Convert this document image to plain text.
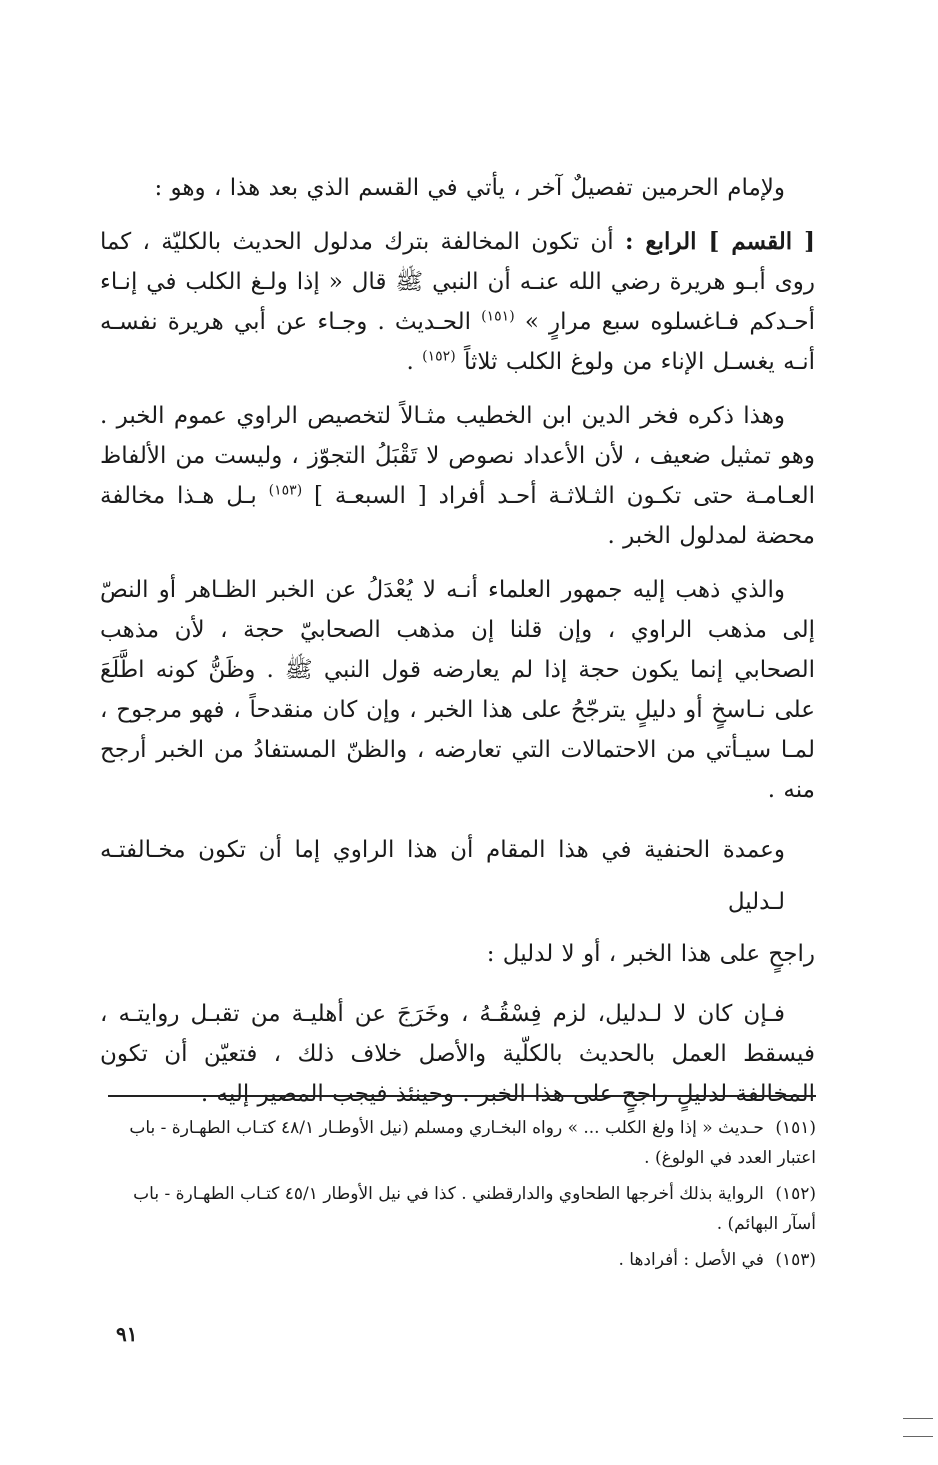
ولإمام الحرمين تفصيلٌ آخر ، يأتي في القسم الذي بعد هذا ، وهو :

[ القسم ] الرابع : أن تكون المخالفة بترك مدلول الحديث بالكليّة ، كما روى أبـو هريرة رضي الله عنـه أن النبي ﷺ قال « إذا ولـغ الكلب في إنـاء أحـدكم فـاغسلوه سبع مرارٍ » $^{(١٥١)}$ الحـديث . وجـاء عن أبي هريرة نفسـه أنـه يغسـل الإناء من ولوغ الكلب ثلاثاً $^{(١٥٢)}$ .

وهذا ذكره فخر الدين ابن الخطيب مثـالاً لتخصيص الراوي عموم الخبر . وهو تمثيل ضعيف ، لأن الأعداد نصوص لا تَقْبَلُ التجوّز ، وليست من الألفاظ العـامـة حتى تكـون الثـلاثـة أحـد أفراد [ السبعـة ] $^{(١٥٣)}$ بـل هـذا مخالفة محضة لمدلول الخبر .

والذي ذهب إليه جمهور العلماء أنـه لا يُعْدَلُ عن الخبر الظـاهر أو النصّ إلى مذهب الراوي ، وإن قلنا إن مذهب الصحابيّ حجة ، لأن مذهب الصحابي إنما يكون حجة إذا لم يعارضه قول النبي ﷺ . وظَنُّ كونه اطَّلَعَ على نـاسخٍ أو دليلٍ يترجّحُ على هذا الخبر ، وإن كان منقدحاً ، فهو مرجوح ، لمـا سيـأتي من الاحتمالات التي تعارضه ، والظنّ المستفادُ من الخبر أرجح منه .

وعمدة الحنفية في هذا المقام أن هذا الراوي إما أن تكون مخـالفتـه لـدليل
راجحٍ على هذا الخبر ، أو لا لدليل :

فـإن كان لا لـدليل، لزم فِسْقُـهُ ، وخَرَجَ عن أهليـة من تقبـل روايتـه ، فيسقط العمل بالحديث بالكلّية والأصل خلاف ذلك ، فتعيّن أن تكون المخالفة لدليلٍ راجحٍ على هذا الخبر . وحينئذ فيجب المصير إليه .

(١٥١) حـديث « إذا ولغ الكلب ... » رواه البخـاري ومسلم (نيل الأوطـار ٤٨/١ كتـاب الطهـارة - باب اعتبار العدد في الولوغ) .

(١٥٢) الرواية بذلك أخرجها الطحاوي والدارقطني . كذا في نيل الأوطار ٤٥/١ كتـاب الطهـارة - باب أسآر البهائم) .

(١٥٣) في الأصل : أفرادها .

٩١
